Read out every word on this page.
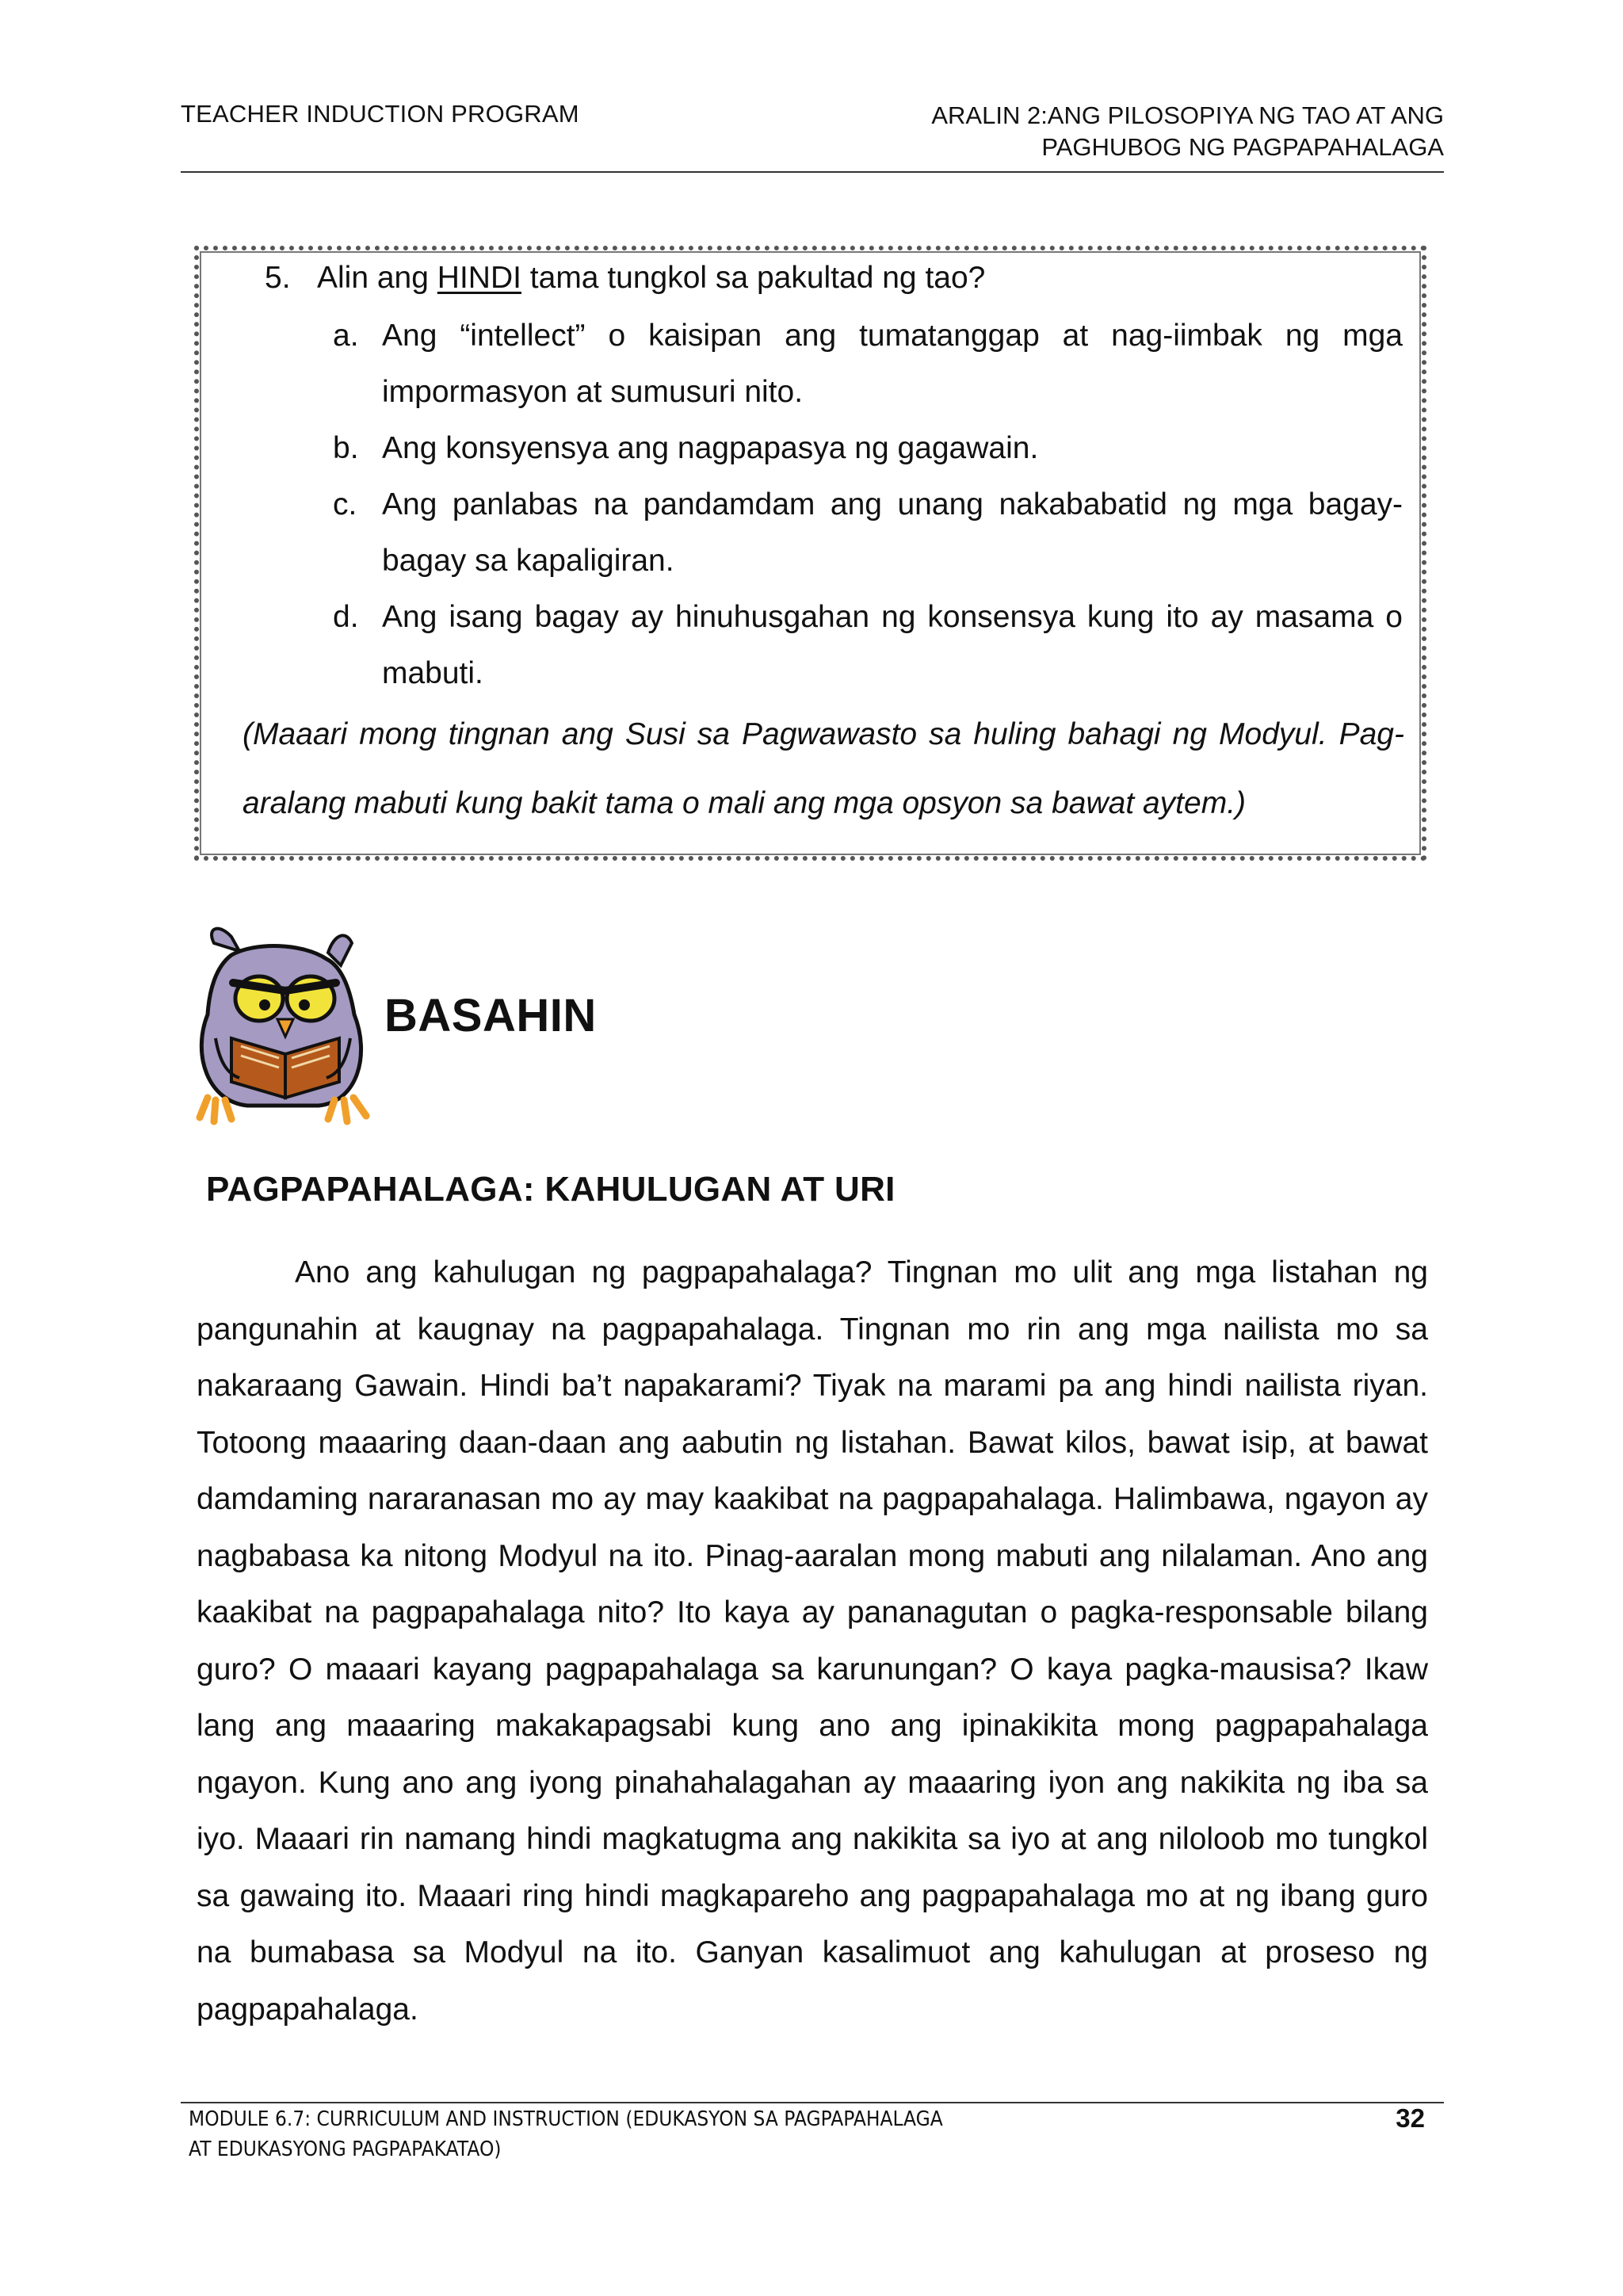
TEACHER INDUCTION PROGRAM	ARALIN 2:ANG PILOSOPIYA NG TAO AT ANG
PAGHUBOG NG PAGPAPAHALAGA
5. Alin ang HINDI tama tungkol sa pakultad ng tao?
a. Ang “intellect” o kaisipan ang tumatanggap at nag-iimbak ng mga impormasyon at sumusuri nito.
b. Ang konsyensya ang nagpapasya ng gagawain.
c. Ang panlabas na pandamdam ang unang nakababatid ng mga bagay-bagay sa kapaligiran.
d. Ang isang bagay ay hinuhusgahan ng konsensya kung ito ay masama o mabuti.
(Maaari mong tingnan ang Susi sa Pagwawasto sa huling bahagi ng Modyul. Pag-aralang mabuti kung bakit tama o mali ang mga opsyon sa bawat aytem.)
BASAHIN
PAGPAPAHALAGA: KAHULUGAN AT URI
Ano ang kahulugan ng pagpapahalaga? Tingnan mo ulit ang mga listahan ng pangunahin at kaugnay na pagpapahalaga. Tingnan mo rin ang mga nailista mo sa nakaraang Gawain. Hindi ba’t napakarami? Tiyak na marami pa ang hindi nailista riyan. Totoong maaaring daan-daan ang aabutin ng listahan. Bawat kilos, bawat isip, at bawat damdaming nararanasan mo ay may kaakibat na pagpapahalaga. Halimbawa, ngayon ay nagbabasa ka nitong Modyul na ito. Pinag-aaralan mong mabuti ang nilalaman. Ano ang kaakibat na pagpapahalaga nito? Ito kaya ay pananagutan o pagka-responsable bilang guro? O maaari kayang pagpapahalaga sa karunungan? O kaya pagka-mausisa? Ikaw lang ang maaaring makakapagsabi kung ano ang ipinakikita mong pagpapahalaga ngayon. Kung ano ang iyong pinahahalagahan ay maaaring iyon ang nakikita ng iba sa iyo. Maaari rin namang hindi magkatugma ang nakikita sa iyo at ang niloloob mo tungkol sa gawaing ito. Maaari ring hindi magkapareho ang pagpapahalaga mo at ng ibang guro na bumabasa sa Modyul na ito. Ganyan kasalimuot ang kahulugan at proseso ng pagpapahalaga.
MODULE 6.7: CURRICULUM AND INSTRUCTION (EDUKASYON SA PAGPAPAHALAGA
AT EDUKASYONG PAGPAPAKATAO)
32
